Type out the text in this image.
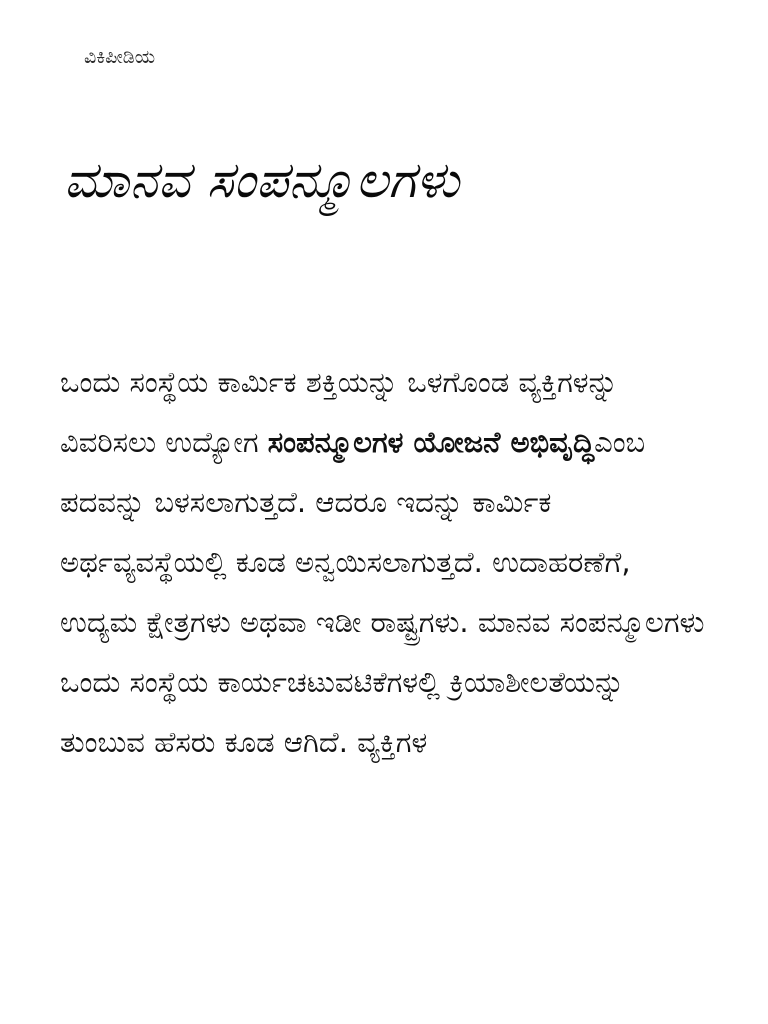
ವಿಕಿಪೀಡಿಯ
ಮಾನವ ಸಂಪನ್ಮೂಲಗಳು

ಒಂದು ಸಂಸ್ಥೆಯ ಕಾರ್ಮಿಕ ಶಕ್ತಿಯನ್ನು ಒಳಗೊಂಡ ವ್ಯಕ್ತಿಗಳನ್ನು ವಿವರಿಸಲು ಉದ್ಯೋಗ ಸಂಪನ್ಮೂಲಗಳ ಯೋಜನೆ ಅಭಿವೃದ್ಧಿಎಂಬ ಪದವನ್ನು ಬಳಸಲಾಗುತ್ತದೆ. ಆದರೂ ಇದನ್ನು ಕಾರ್ಮಿಕ ಅರ್ಥವ್ಯವಸ್ಥೆಯಲ್ಲಿ ಕೂಡ ಅನ್ವಯಿಸಲಾಗುತ್ತದೆ. ಉದಾಹರಣೆಗೆ, ಉದ್ಯಮ ಕ್ಷೇತ್ರಗಳು ಅಥವಾ ಇಡೀ ರಾಷ್ಟ್ರಗಳು. ಮಾನವ ಸಂಪನ್ಮೂಲಗಳು ಒಂದು ಸಂಸ್ಥೆಯ ಕಾರ್ಯಚಟುವಟಿಕೆಗಳಲ್ಲಿ ಕ್ರಿಯಾಶೀಲತೆಯನ್ನು ತುಂಬುವ ಹೆಸರು ಕೂಡ ಆಗಿದೆ. ವ್ಯಕ್ತಿಗಳ
